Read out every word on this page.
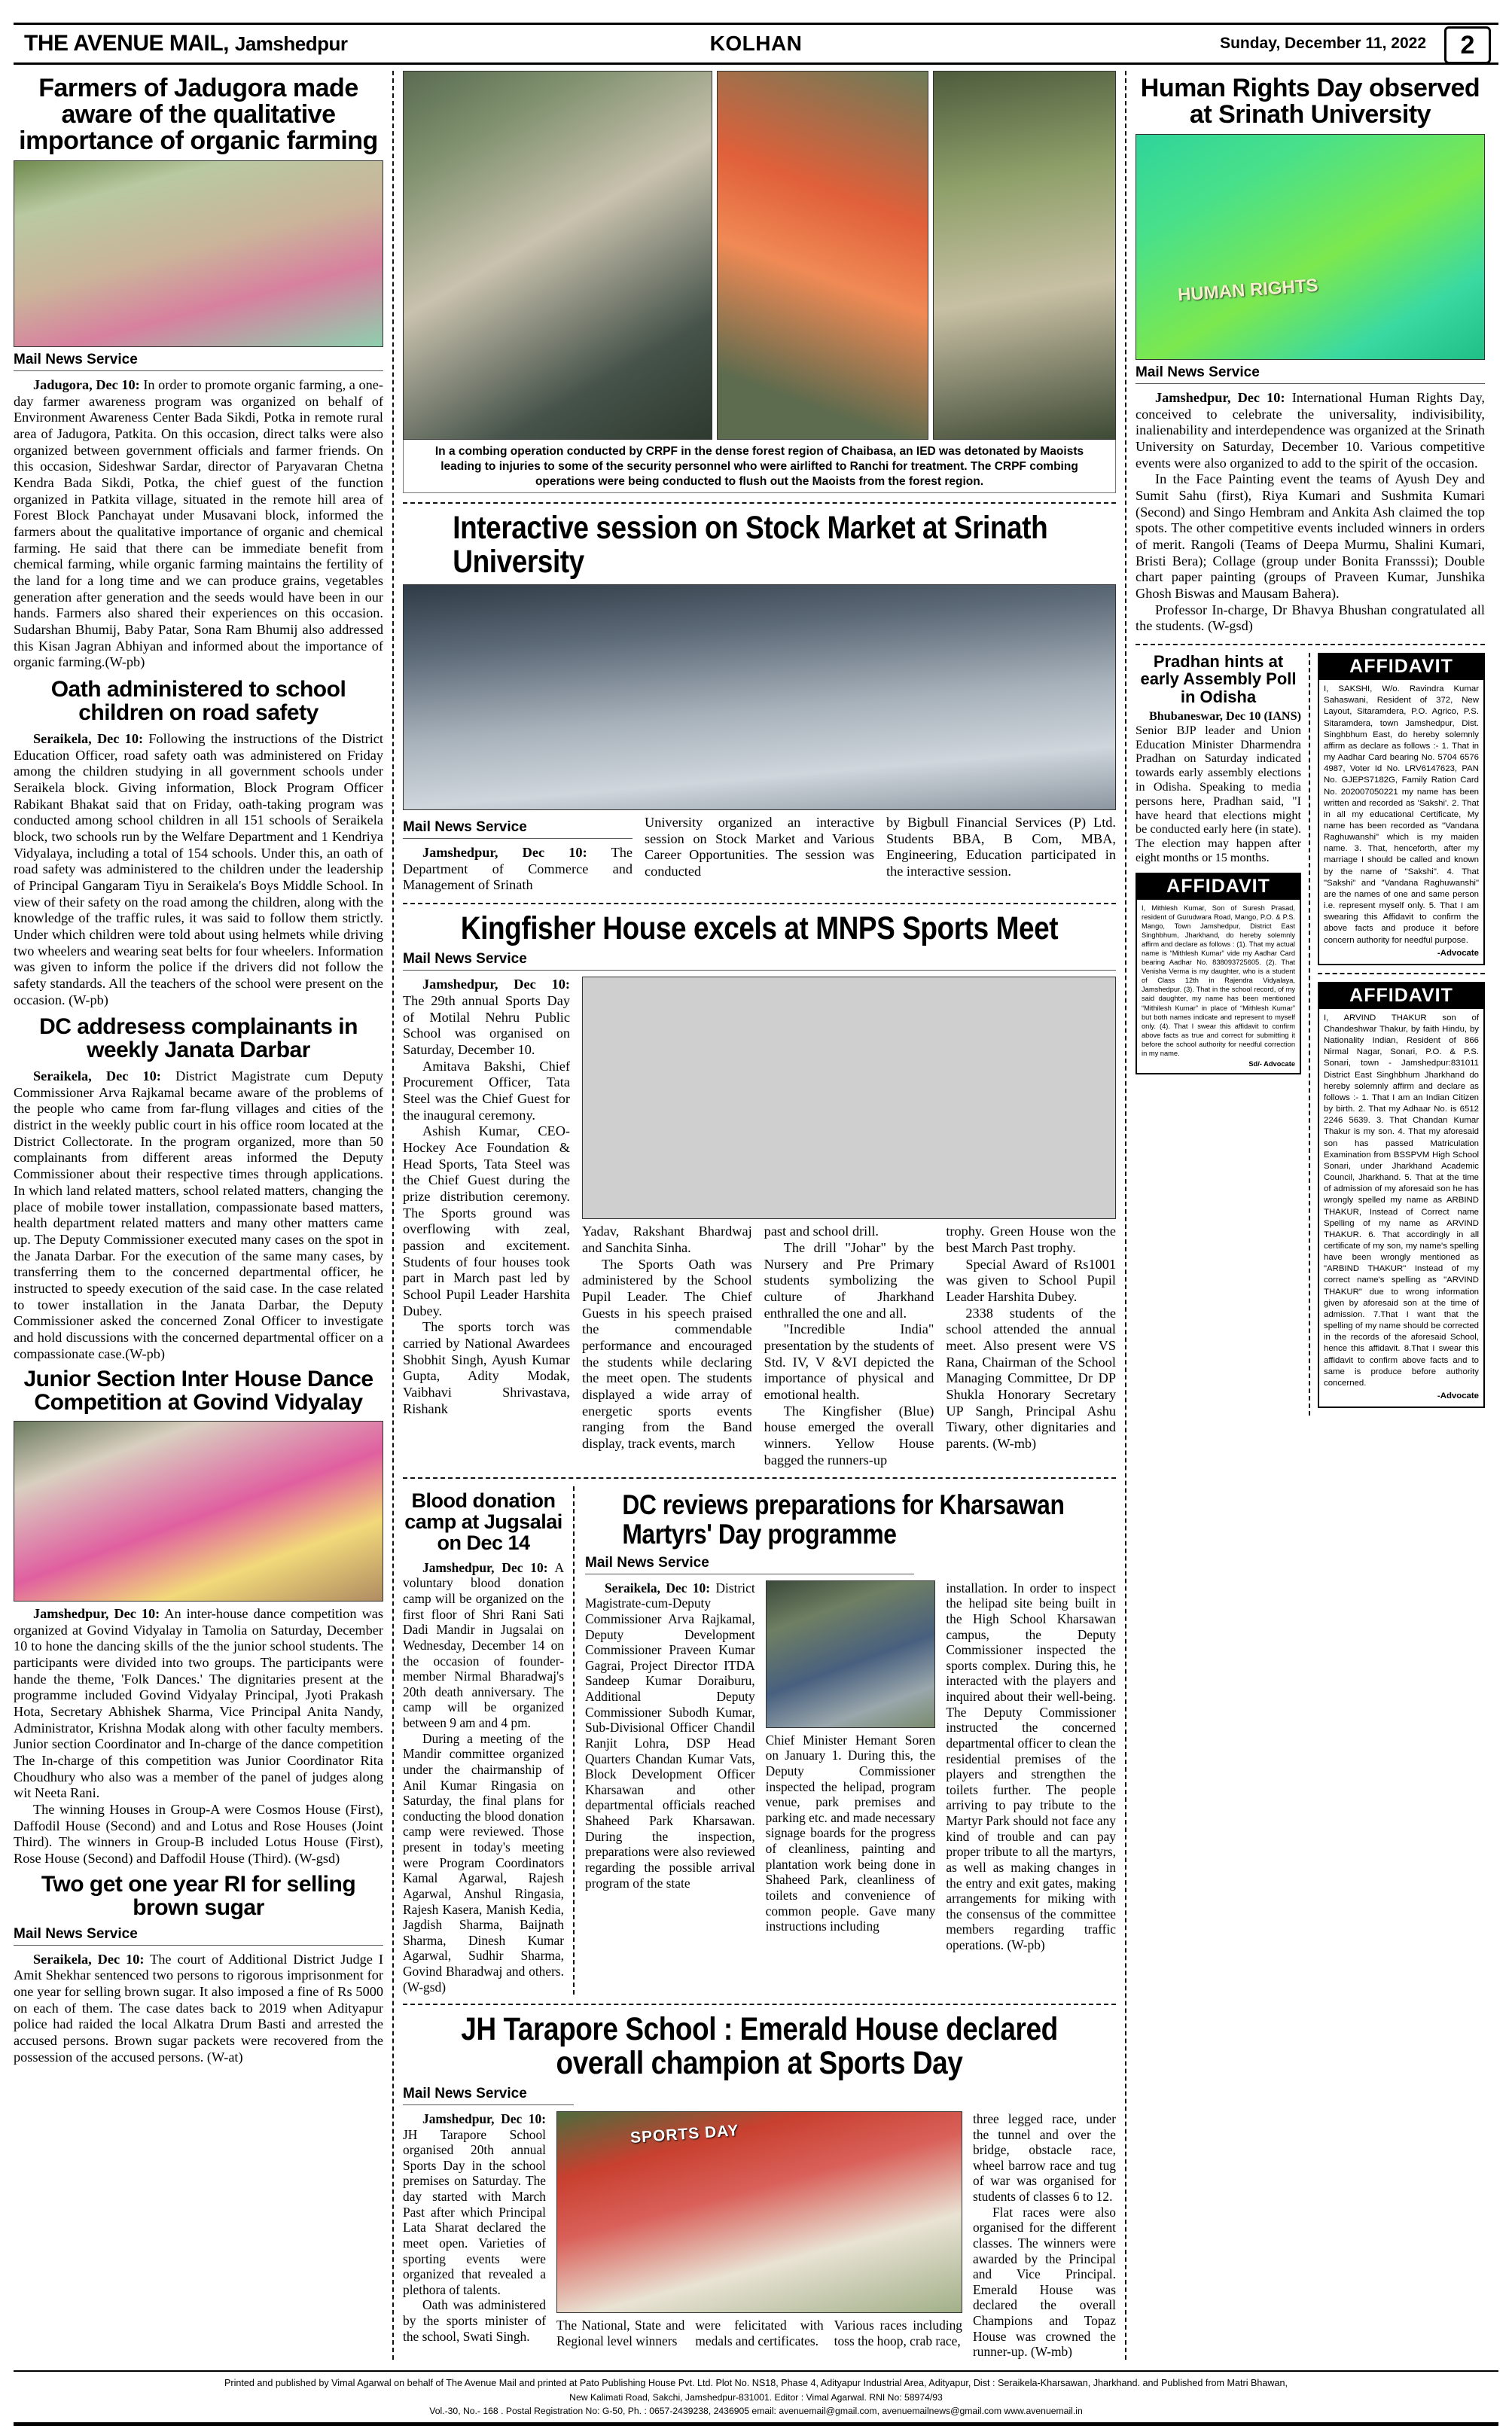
THE AVENUE MAIL, Jamshedpur	KOLHAN	Sunday, December 11, 2022	2
Farmers of Jadugora made aware of the qualitative importance of organic farming
Mail News Service

Jadugora, Dec 10: In order to promote organic farming, a one-day farmer awareness program was organized on behalf of Environment Awareness Center Bada Sikdi, Potka in remote rural area of Jadugora, Patkita. On this occasion, direct talks were also organized between government officials and farmer friends. On this occasion, Sideshwar Sardar, director of Paryavaran Chetna Kendra Bada Sikdi, Potka, the chief guest of the function organized in Patkita village, situated in the remote hill area of Forest Block Panchayat under Musavani block, informed the farmers about the qualitative importance of organic and chemical farming. He said that there can be immediate benefit from chemical farming, while organic farming maintains the fertility of the land for a long time and we can produce grains, vegetables generation after generation and the seeds would have been in our hands. Farmers also shared their experiences on this occasion. Sudarshan Bhumij, Baby Patar, Sona Ram Bhumij also addressed this Kisan Jagran Abhiyan and informed about the importance of organic farming.(W-pb)

Oath administered to school children on road safety

Seraikela, Dec 10: Following the instructions of the District Education Officer, road safety oath was administered on Friday among the children studying in all government schools under Seraikela block. Giving information, Block Program Officer Rabikant Bhakat said that on Friday, oath-taking program was conducted among school children in all 151 schools of Seraikela block, two schools run by the Welfare Department and 1 Kendriya Vidyalaya, including a total of 154 schools. Under this, an oath of road safety was administered to the children under the leadership of Principal Gangaram Tiyu in Seraikela's Boys Middle School. In view of their safety on the road among the children, along with the knowledge of the traffic rules, it was said to follow them strictly. Under which children were told about using helmets while driving two wheelers and wearing seat belts for four wheelers. Information was given to inform the police if the drivers did not follow the safety standards. All the teachers of the school were present on the occasion. (W-pb)

DC addresess complainants in weekly Janata Darbar

Seraikela, Dec 10: District Magistrate cum Deputy Commissioner Arva Rajkamal became aware of the problems of the people who came from far-flung villages and cities of the district in the weekly public court in his office room located at the District Collectorate. In the program organized, more than 50 complainants from different areas informed the Deputy Commissioner about their respective times through applications. In which land related matters, school related matters, changing the place of mobile tower installation, compassionate based matters, health department related matters and many other matters came up. The Deputy Commissioner executed many cases on the spot in the Janata Darbar. For the execution of the same many cases, by transferring them to the concerned departmental officer, he instructed to speedy execution of the said case. In the case related to tower installation in the Janata Darbar, the Deputy Commissioner asked the concerned Zonal Officer to investigate and hold discussions with the concerned departmental officer on a compassionate case.(W-pb)

Junior Section Inter House Dance Competition at Govind Vidyalay

Jamshedpur, Dec 10: An inter-house dance competition was organized at Govind Vidyalay in Tamolia on Saturday, December 10 to hone the dancing skills of the the junior school students. The participants were divided into two groups. The participants were hande the theme, 'Folk Dances.' The dignitaries present at the programme included Govind Vidyalay Principal, Jyoti Prakash Hota, Secretary Abhishek Sharma, Vice Principal Anita Nandy, Administrator, Krishna Modak along with other faculty members. Junior section Coordinator and In-charge of the dance competition The In-charge of this competition was Junior Coordinator Rita Choudhury who also was a member of the panel of judges along wit Neeta Rani.

The winning Houses in Group-A were Cosmos House (First), Daffodil House (Second) and and Lotus and Rose Houses (Joint Third). The winners in Group-B included Lotus House (First), Rose House (Second) and Daffodil House (Third). (W-gsd)

Two get one year RI for selling brown sugar
Mail News Service

Seraikela, Dec 10: The court of Additional District Judge I Amit Shekhar sentenced two persons to rigorous imprisonment for one year for selling brown sugar. It also imposed a fine of Rs 5000 on each of them. The case dates back to 2019 when Adityapur police had raided the local Alkatra Drum Basti and arrested the accused persons. Brown sugar packets were recovered from the possession of the accused persons. (W-at)

In a combing operation conducted by CRPF in the dense forest region of Chaibasa, an IED was detonated by Maoists leading to injuries to some of the security personnel who were airlifted to Ranchi for treatment. The CRPF combing operations were being conducted to flush out the Maoists from the forest region.
Interactive session on Stock Market at Srinath University
Mail News Service

Jamshedpur, Dec 10: The Department of Commerce and Management of Srinath

University organized an interactive session on Stock Market and Various Career Opportunities. The session was conducted

by Bigbull Financial Services (P) Ltd. Students BBA, B Com, MBA, Engineering, Education participated in the interactive session.

Kingfisher House excels at MNPS Sports Meet
Mail News Service

Jamshedpur, Dec 10: The 29th annual Sports Day of Motilal Nehru Public School was organised on Saturday, December 10.

Amitava Bakshi, Chief Procurement Officer, Tata Steel was the Chief Guest for the inaugural ceremony.

Ashish Kumar, CEO-Hockey Ace Foundation & Head Sports, Tata Steel was the Chief Guest during the prize distribution ceremony. The Sports ground was overflowing with zeal, passion and excitement. Students of four houses took part in March past led by School Pupil Leader Harshita Dubey.

The sports torch was carried by National Awardees Shobhit Singh, Ayush Kumar Gupta, Adity Modak, Vaibhavi Shrivastava, Rishank

Yadav, Rakshant Bhardwaj and Sanchita Sinha.

The Sports Oath was administered by the School Pupil Leader. The Chief Guests in his speech praised the commendable performance and encouraged the students while declaring the meet open. The students displayed a wide array of energetic sports events ranging from the Band display, track events, march

past and school drill.

The drill "Johar" by the Nursery and Pre Primary students symbolizing the culture of Jharkhand enthralled the one and all.

"Incredible India" presentation by the students of Std. IV, V &VI depicted the importance of physical and emotional health.

The Kingfisher (Blue) house emerged the overall winners. Yellow House bagged the runners-up

trophy. Green House won the best March Past trophy.

Special Award of Rs1001 was given to School Pupil Leader Harshita Dubey.

2338 students of the school attended the annual meet. Also present were VS Rana, Chairman of the School Managing Committee, Dr DP Shukla Honorary Secretary UP Sangh, Principal Ashu Tiwary, other dignitaries and parents. (W-mb)

Blood donation camp at Jugsalai on Dec 14

Jamshedpur, Dec 10: A voluntary blood donation camp will be organized on the first floor of Shri Rani Sati Dadi Mandir in Jugsalai on Wednesday, December 14 on the occasion of founder-member Nirmal Bharadwaj's 20th death anniversary. The camp will be organized between 9 am and 4 pm.

During a meeting of the Mandir committee organized under the chairmanship of Anil Kumar Ringasia on Saturday, the final plans for conducting the blood donation camp were reviewed. Those present in today's meeting were Program Coordinators Kamal Agarwal, Rajesh Agarwal, Anshul Ringasia, Rajesh Kasera, Manish Kedia, Jagdish Sharma, Baijnath Sharma, Dinesh Kumar Agarwal, Sudhir Sharma, Govind Bharadwaj and others. (W-gsd)

DC reviews preparations for Kharsawan Martyrs' Day programme
Mail News Service

Seraikela, Dec 10: District Magistrate-cum-Deputy Commissioner Arva Rajkamal, Deputy Development Commissioner Praveen Kumar Gagrai, Project Director ITDA Sandeep Kumar Doraiburu, Additional Deputy Commissioner Subodh Kumar, Sub-Divisional Officer Chandil Ranjit Lohra, DSP Head Quarters Chandan Kumar Vats, Block Development Officer Kharsawan and other departmental officials reached Shaheed Park Kharsawan. During the inspection, preparations were also reviewed regarding the possible arrival program of the state

Chief Minister Hemant Soren on January 1. During this, the Deputy Commissioner inspected the helipad, program venue, park premises and parking etc. and made necessary signage boards for the progress of cleanliness, painting and plantation work being done in Shaheed Park, cleanliness of toilets and convenience of common people. Gave many instructions including

installation. In order to inspect the helipad site being built in the High School Kharsawan campus, the Deputy Commissioner inspected the sports complex. During this, he interacted with the players and inquired about their well-being. The Deputy Commissioner instructed the concerned departmental officer to clean the residential premises of the players and strengthen the toilets further. The people arriving to pay tribute to the Martyr Park should not face any kind of trouble and can pay proper tribute to all the martyrs, as well as making changes in the entry and exit gates, making arrangements for miking with the consensus of the committee members regarding traffic operations. (W-pb)

JH Tarapore School : Emerald House declared overall champion at Sports Day
Mail News Service

Jamshedpur, Dec 10: JH Tarapore School organised 20th annual Sports Day in the school premises on Saturday. The day started with March Past after which Principal Lata Sharat declared the meet open. Varieties of sporting events were organized that revealed a plethora of talents.

Oath was administered by the sports minister of the school, Swati Singh.

SPORTS DAY

The National, State and Regional level winners

were felicitated with medals and certificates.

Various races including toss the hoop, crab race,

three legged race, under the tunnel and over the bridge, obstacle race, wheel barrow race and tug of war was organised for students of classes 6 to 12.

Flat races were also organised for the different classes. The winners were awarded by the Principal and Vice Principal. Emerald House was declared the overall Champions and Topaz House was crowned the runner-up. (W-mb)

Human Rights Day observed at Srinath University
HUMAN RIGHTS
Mail News Service

Jamshedpur, Dec 10: International Human Rights Day, conceived to celebrate the universality, indivisibility, inalienability and interdependence was organized at the Srinath University on Saturday, December 10. Various competitive events were also organized to add to the spirit of the occasion.

In the Face Painting event the teams of Ayush Dey and Sumit Sahu (first), Riya Kumari and Sushmita Kumari (Second) and Singo Hembram and Ankita Ash claimed the top spots. The other competitive events included winners in orders of merit. Rangoli (Teams of Deepa Murmu, Shalini Kumari, Bristi Bera); Collage (group under Bonita Fransssi); Double chart paper painting (groups of Praveen Kumar, Junshika Ghosh Biswas and Mausam Bahera).

Professor In-charge, Dr Bhavya Bhushan congratulated all the students. (W-gsd)

Pradhan hints at early Assembly Poll in Odisha

Bhubaneswar, Dec 10 (IANS) Senior BJP leader and Union Education Minister Dharmendra Pradhan on Saturday indicated towards early assembly elections in Odisha. Speaking to media persons here, Pradhan said, "I have heard that elections might be conducted early here (in state). The election may happen after eight months or 15 months.

AFFIDAVIT
I, Mithlesh Kumar, Son of Suresh Prasad, resident of Gurudwara Road, Mango, P.O. & P.S. Mango, Town Jamshedpur, District East Singhbhum, Jharkhand, do hereby solemnly affirm and declare as follows : (1). That my actual name is “Mithlesh Kumar” vide my Aadhar Card bearing Aadhar No. 838093725605. (2). That Venisha Verma is my daughter, who is a student of Class 12th in Rajendra Vidyalaya, Jamshedpur. (3). That in the school record, of my said daughter, my name has been mentioned “Mithilesh Kumar” in place of “Mithlesh Kumar” but both names indicate and represent to myself only. (4). That I swear this affidavit to confirm above facts as true and correct for submitting it before the school authority for needful correction in my name.
Sd/- Advocate
AFFIDAVIT
I, SAKSHI, W/o. Ravindra Kumar Sahaswani, Resident of 372, New Layout, Sitaramdera, P.O. Agrico, P.S. Sitaramdera, town Jamshedpur, Dist. Singhbhum East, do hereby solemnly affirm as declare as follows :- 1. That in my Aadhar Card bearing No. 5704 6576 4987, Voter Id No. LRV6147623, PAN No. GJEPS7182G, Family Ration Card No. 202007050221 my name has been written and recorded as 'Sakshi'. 2. That in all my educational Certificate, My name has been recorded as "Vandana Raghuwanshi" which is my maiden name. 3. That, henceforth, after my marriage I should be called and known by the name of "Sakshi". 4. That "Sakshi" and "Vandana Raghuwanshi" are the names of one and same person i.e. represent myself only. 5. That I am swearing this Affidavit to confirm the above facts and produce it before concern authority for needful purpose.
-Advocate
AFFIDAVIT
I, ARVIND THAKUR son of Chandeshwar Thakur, by faith Hindu, by Nationality Indian, Resident of 866 Nirmal Nagar, Sonari, P.O. & P.S. Sonari, town - Jamshedpur:831011 District East Singhbhum Jharkhand do hereby solemnly affirm and declare as follows :- 1. That I am an Indian Citizen by birth. 2. That my Adhaar No. is 6512 2246 5639. 3. That Chandan Kumar Thakur is my son. 4. That my aforesaid son has passed Matriculation Examination from BSSPVM High School Sonari, under Jharkhand Academic Council, Jharkhand. 5. That at the time of admission of my aforesaid son he has wrongly spelled my name as ARBIND THAKUR, Instead of Correct name Spelling of my name as ARVIND THAKUR. 6. That accordingly in all certificate of my son, my name's spelling have been wrongly mentioned as "ARBIND THAKUR" Instead of my correct name's spelling as "ARVIND THAKUR" due to wrong information given by aforesaid son at the time of admission. 7.That I want that the spelling of my name should be corrected in the records of the aforesaid School, hence this affidavit. 8.That I swear this affidavit to confirm above facts and to same is produce before authority concerned.
-Advocate
Printed and published by Vimal Agarwal on behalf of The Avenue Mail and printed at Pato Publishing House Pvt. Ltd. Plot No. NS18, Phase 4, Adityapur Industrial Area, Adityapur, Dist : Seraikela-Kharsawan, Jharkhand. and Published from Matri Bhawan,
New Kalimati Road, Sakchi, Jamshedpur-831001. Editor : Vimal Agarwal. RNI No: 58974/93
Vol.-30, No.- 168 . Postal Registration No: G-50, Ph. : 0657-2439238, 2436905 email: avenuemail@gmail.com, avenuemailnews@gmail.com www.avenuemail.in
